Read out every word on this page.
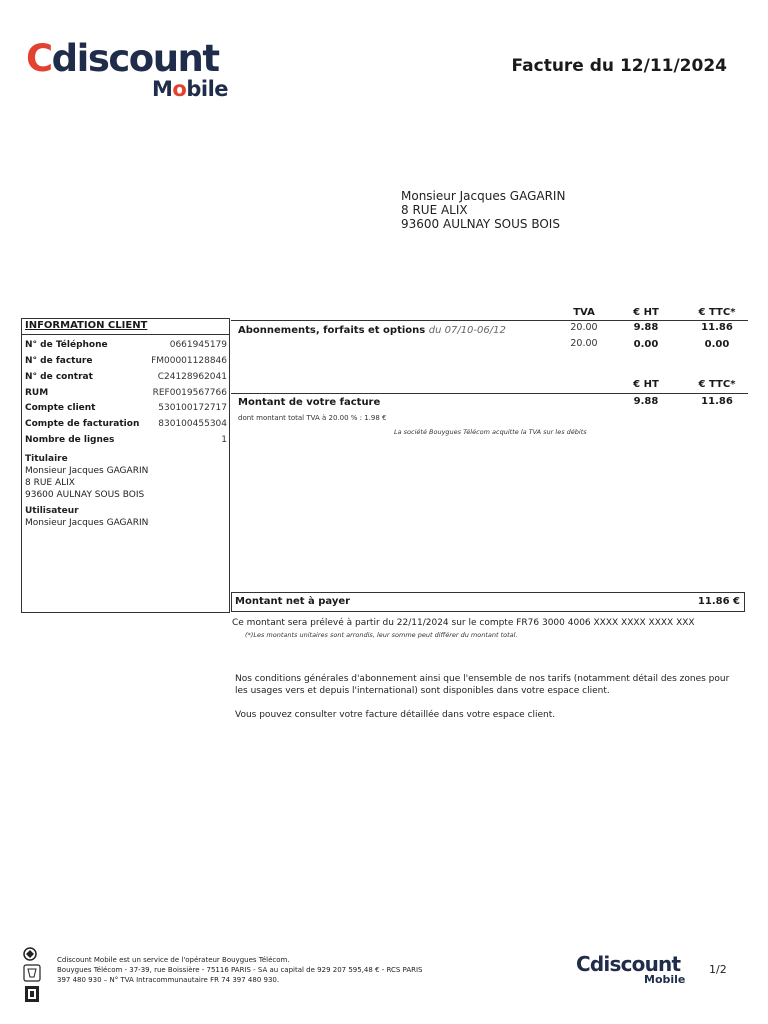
Cdiscount
Mobile
Facture du 12/11/2024
Monsieur Jacques GAGARIN
8 RUE ALIX
93600 AULNAY SOUS BOIS
INFORMATION CLIENT
N° de Téléphone	0661945179
N° de facture	FM00001128846
N° de contrat	C24128962041
RUM	REF0019567766
Compte client	530100172717
Compte de facturation 830100455304
Nombre de lignes	1
Titulaire
Monsieur Jacques GAGARIN
8 RUE ALIX
93600 AULNAY SOUS BOIS
Utilisateur
Monsieur Jacques GAGARIN
TVA	€ HT	€ TTC*
Abonnements, forfaits et options du 07/10-06/12	20.00	9.88	11.86
20.00	0.00	0.00
€ HT	€ TTC*
Montant de votre facture	9.88	11.86
dont montant total TVA à 20.00 % : 1.98 €
La société Bouygues Télécom acquitte la TVA sur les débits
Montant net à payer	11.86 €
Ce montant sera prélevé à partir du 22/11/2024 sur le compte FR76 3000 4006 XXXX XXXX XXXX XXX
(*)Les montants unitaires sont arrondis, leur somme peut différer du montant total.
Nos conditions générales d'abonnement ainsi que l'ensemble de nos tarifs (notamment détail des zones pour les usages vers et depuis l'international) sont disponibles dans votre espace client.
Vous pouvez consulter votre facture détaillée dans votre espace client.
Cdiscount Mobile est un service de l'opérateur Bouygues Télécom.
Bouygues Télécom - 37-39, rue Boissière - 75116 PARIS - SA au capital de 929 207 595,48 € - RCS PARIS
397 480 930 – N° TVA Intracommunautaire FR 74 397 480 930.
Cdiscount
Mobile
1/2
